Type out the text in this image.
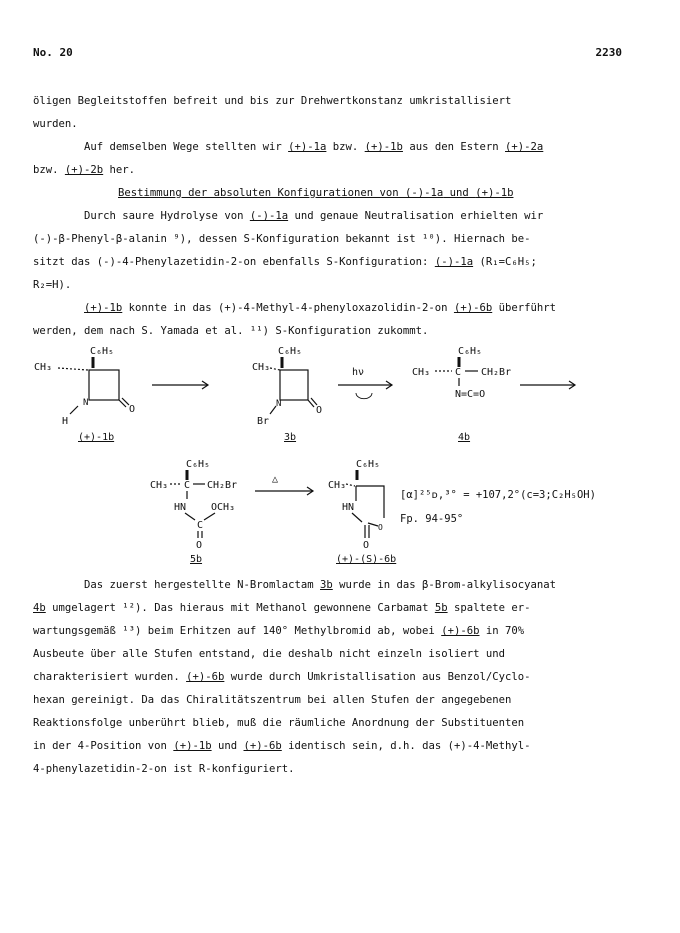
No. 20	2230
öligen Begleitstoffen befreit und bis zur Drehwertkonstanz umkristallisiert
wurden.
Auf demselben Wege stellten wir (+)-1a bzw. (+)-1b aus den Estern (+)-2a
bzw. (+)-2b her.
Bestimmung der absoluten Konfigurationen von (-)-1a und (+)-1b
Durch saure Hydrolyse von (-)-1a und genaue Neutralisation erhielten wir
(-)-β-Phenyl-β-alanin ⁹), dessen S-Konfiguration bekannt ist ¹⁰). Hiernach be-
sitzt das (-)-4-Phenylazetidin-2-on ebenfalls S-Konfiguration: (-)-1a (R₁=C₆H₅;
R₂=H).
(+)-1b konnte in das (+)-4-Methyl-4-phenyloxazolidin-2-on (+)-6b überführt
werden, dem nach S. Yamada et al. ¹¹) S-Konfiguration zukommt.
C₆H₅
CH₃
N
H
O
(+)-1b
C₆H₅
CH₃
N
Br
O
3b
hν
C₆H₅
CH₃ C CH₂Br
N=C=O
4b
C₆H₅
CH₃ C CH₂Br
HN OCH₃
C
O
5b
△
C₆H₅
CH₃
HN
O
O
(+)-(S)-6b
[α]²⁵ᴅ,³° = +107,2°(c=3;C₂H₅OH)
Fp. 94-95°
Das zuerst hergestellte N-Bromlactam 3b wurde in das β-Brom-alkylisocyanat
4b umgelagert ¹²). Das hieraus mit Methanol gewonnene Carbamat 5b spaltete er-
wartungsgemäß ¹³) beim Erhitzen auf 140° Methylbromid ab, wobei (+)-6b in 70%
Ausbeute über alle Stufen entstand, die deshalb nicht einzeln isoliert und
charakterisiert wurden. (+)-6b wurde durch Umkristallisation aus Benzol/Cyclo-
hexan gereinigt. Da das Chiralitätszentrum bei allen Stufen der angegebenen
Reaktionsfolge unberührt blieb, muß die räumliche Anordnung der Substituenten
in der 4-Position von (+)-1b und (+)-6b identisch sein, d.h. das (+)-4-Methyl-
4-phenylazetidin-2-on ist R-konfiguriert.
